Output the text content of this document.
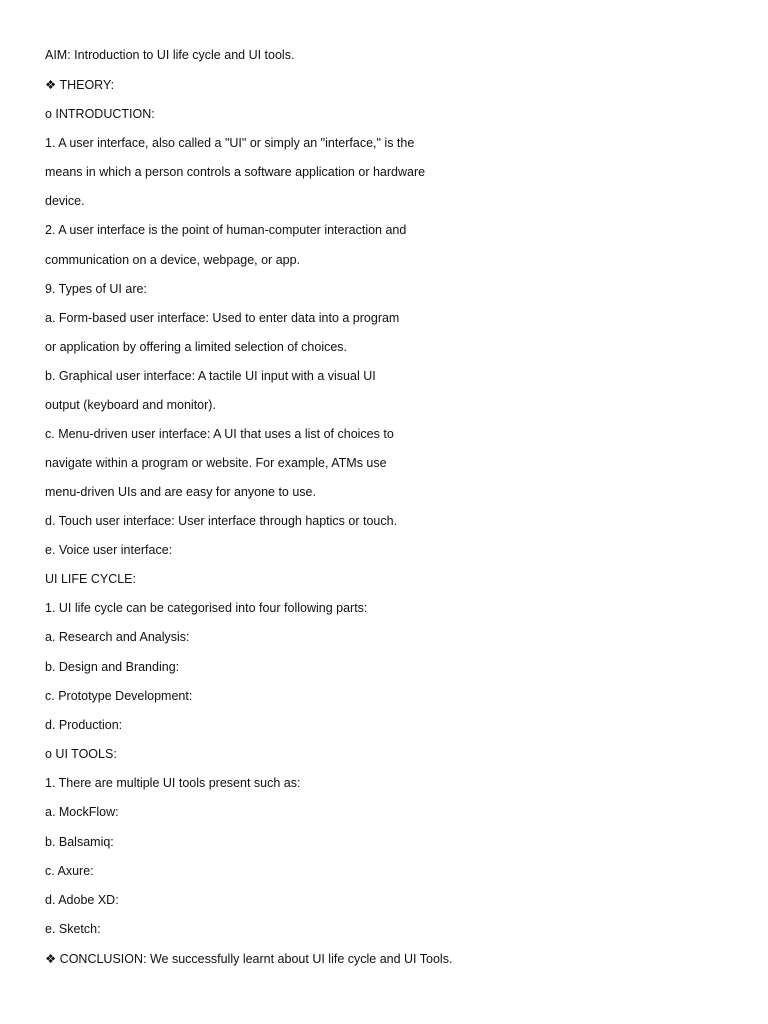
AIM: Introduction to UI life cycle and UI tools.
❖ THEORY:
o INTRODUCTION:
1. A user interface, also called a "UI" or simply an "interface," is the
means in which a person controls a software application or hardware
device.
2. A user interface is the point of human-computer interaction and
communication on a device, webpage, or app.
9. Types of UI are:
a. Form-based user interface: Used to enter data into a program
or application by offering a limited selection of choices.
b. Graphical user interface: A tactile UI input with a visual UI
output (keyboard and monitor).
c. Menu-driven user interface: A UI that uses a list of choices to
navigate within a program or website. For example, ATMs use
menu-driven UIs and are easy for anyone to use.
d. Touch user interface: User interface through haptics or touch.
e. Voice user interface:
UI LIFE CYCLE:
1. UI life cycle can be categorised into four following parts:
a. Research and Analysis:
b. Design and Branding:
c. Prototype Development:
d. Production:
o UI TOOLS:
1. There are multiple UI tools present such as:
a. MockFlow:
b. Balsamiq:
c. Axure:
d. Adobe XD:
e. Sketch:
❖ CONCLUSION: We successfully learnt about UI life cycle and UI Tools.
